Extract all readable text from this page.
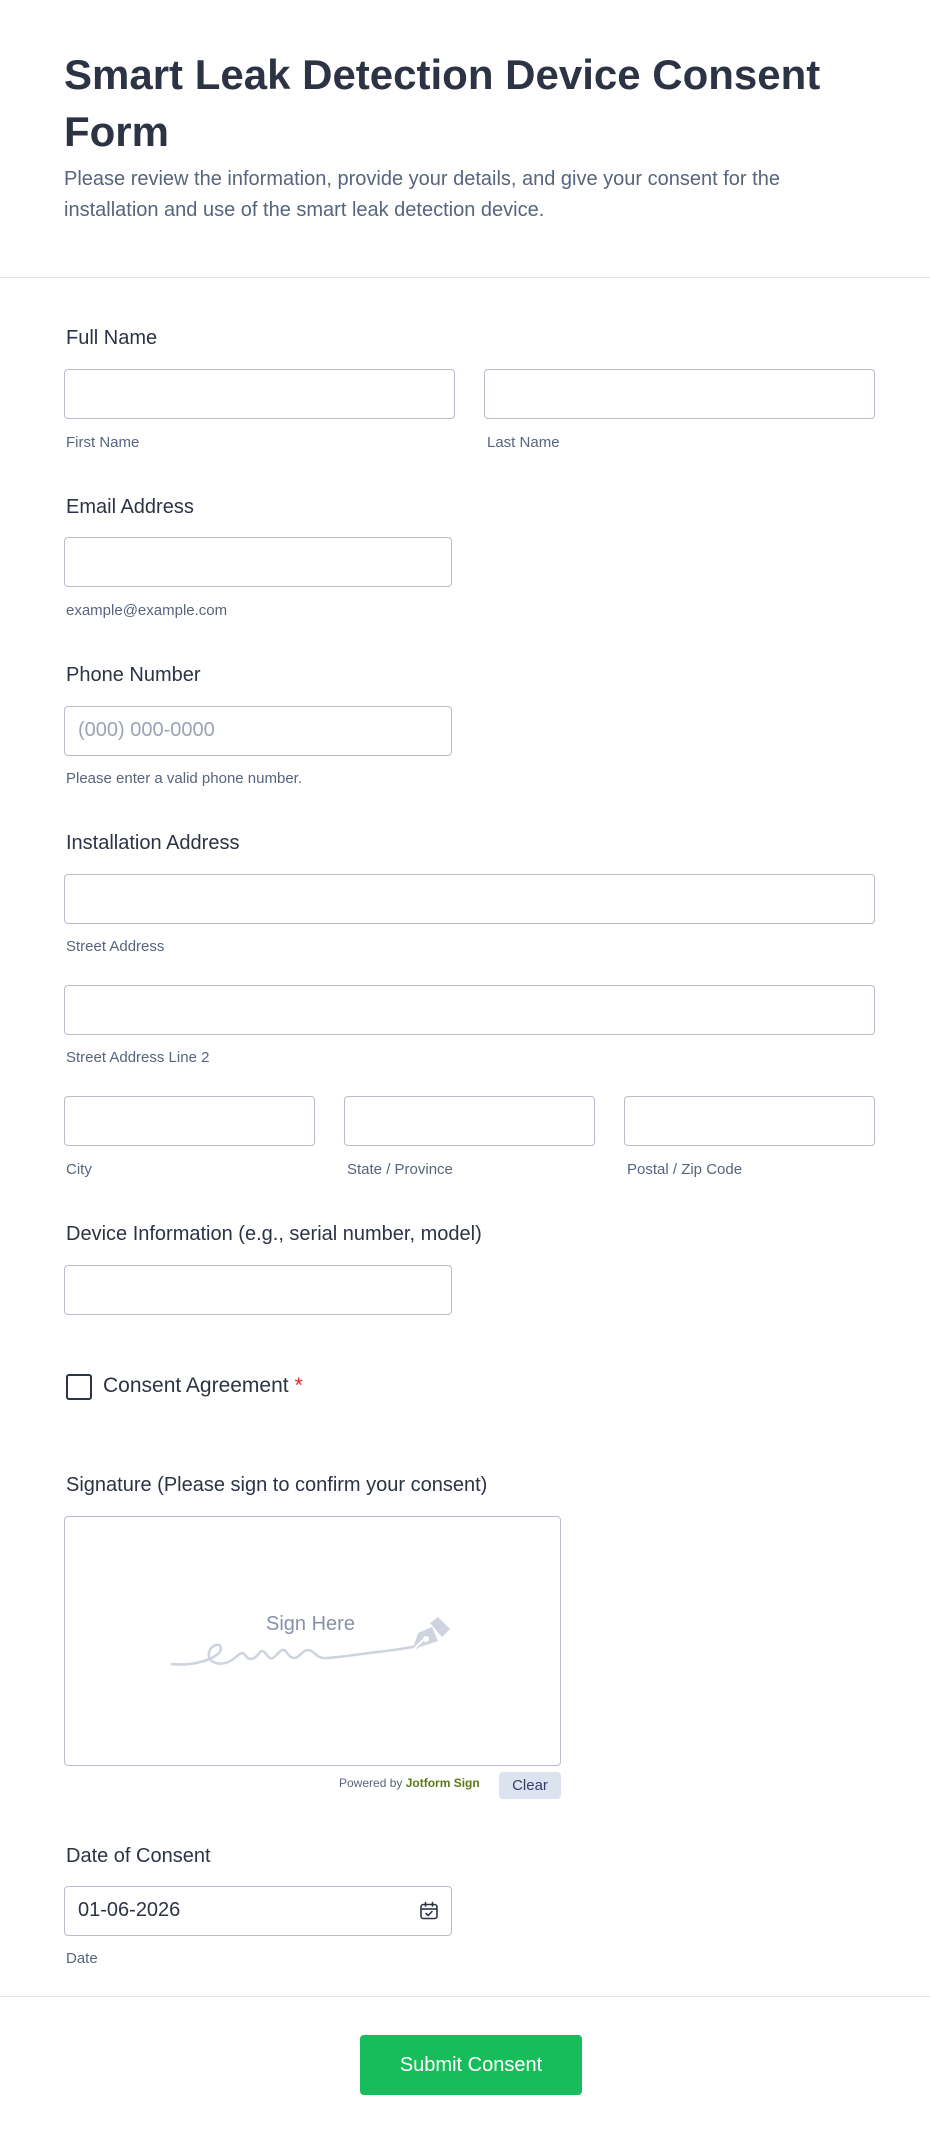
Smart Leak Detection Device Consent Form

Please review the information, provide your details, and give your consent for the installation and use of the smart leak detection device.

Full Name
First Name	Last Name
Email Address
example@example.com
Phone Number
(000) 000-0000
Please enter a valid phone number.
Installation Address
Street Address
Street Address Line 2
City	State / Province	Postal / Zip Code
Device Information (e.g., serial number, model)
Consent Agreement *
Signature (Please sign to confirm your consent)
Sign Here
Powered by Jotform Sign	Clear
Date of Consent
01-06-2026
Date
Submit Consent
